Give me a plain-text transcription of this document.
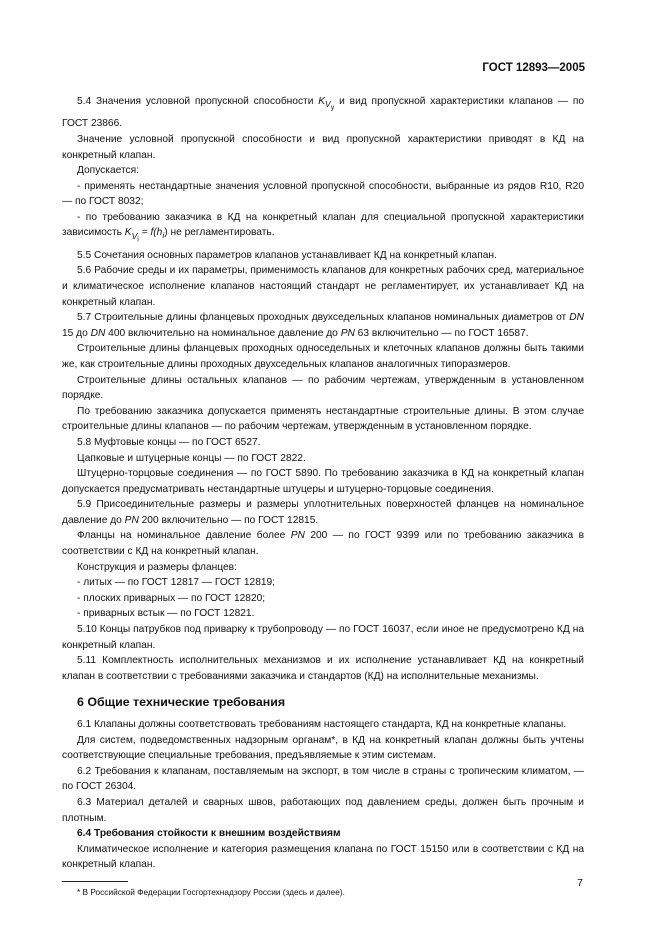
ГОСТ 12893—2005

5.4 Значения условной пропускной способности $K_{V_y}$ и вид пропускной характеристики клапанов — по ГОСТ 23866.

Значение условной пропускной способности и вид пропускной характеристики приводят в КД на конкретный клапан.

Допускается:

- применять нестандартные значения условной пропускной способности, выбранные из рядов R10, R20 — по ГОСТ 8032;

- по требованию заказчика в КД на конкретный клапан для специальной пропускной характеристики зависимость $K_{V_i} = f(h_i)$ не регламентировать.

5.5 Сочетания основных параметров клапанов устанавливает КД на конкретный клапан.

5.6 Рабочие среды и их параметры, применимость клапанов для конкретных рабочих сред, материальное и климатическое исполнение клапанов настоящий стандарт не регламентирует, их устанавливает КД на конкретный клапан.

5.7 Строительные длины фланцевых проходных двухседельных клапанов номинальных диаметров от DN 15 до DN 400 включительно на номинальное давление до PN 63 включительно — по ГОСТ 16587.

Строительные длины фланцевых проходных односедельных и клеточных клапанов должны быть такими же, как строительные длины проходных двухседельных клапанов аналогичных типоразмеров.

Строительные длины остальных клапанов — по рабочим чертежам, утвержденным в установленном порядке.

По требованию заказчика допускается применять нестандартные строительные длины. В этом случае строительные длины клапанов — по рабочим чертежам, утвержденным в установленном порядке.

5.8 Муфтовые концы — по ГОСТ 6527.

Цапковые и штуцерные концы — по ГОСТ 2822.

Штуцерно-торцовые соединения — по ГОСТ 5890. По требованию заказчика в КД на конкретный клапан допускается предусматривать нестандартные штуцеры и штуцерно-торцовые соединения.

5.9 Присоединительные размеры и размеры уплотнительных поверхностей фланцев на номинальное давление до PN 200 включительно — по ГОСТ 12815.

Фланцы на номинальное давление более PN 200 — по ГОСТ 9399 или по требованию заказчика в соответствии с КД на конкретный клапан.

Конструкция и размеры фланцев:

- литых — по ГОСТ 12817 — ГОСТ 12819;

- плоских приварных — по ГОСТ 12820;

- приварных встык — по ГОСТ 12821.

5.10 Концы патрубков под приварку к трубопроводу — по ГОСТ 16037, если иное не предусмотрено КД на конкретный клапан.

5.11 Комплектность исполнительных механизмов и их исполнение устанавливает КД на конкретный клапан в соответствии с требованиями заказчика и стандартов (КД) на исполнительные механизмы.

6 Общие технические требования

6.1 Клапаны должны соответствовать требованиям настоящего стандарта, КД на конкретные клапаны.

Для систем, подведомственных надзорным органам*, в КД на конкретный клапан должны быть учтены соответствующие специальные требования, предъявляемые к этим системам.

6.2 Требования к клапанам, поставляемым на экспорт, в том числе в страны с тропическим климатом, — по ГОСТ 26304.

6.3 Материал деталей и сварных швов, работающих под давлением среды, должен быть прочным и плотным.

6.4 Требования стойкости к внешним воздействиям

Климатическое исполнение и категория размещения клапана по ГОСТ 15150 или в соответствии с КД на конкретный клапан.

* В Российской Федерации Госгортехнадзору России (здесь и далее).
7
